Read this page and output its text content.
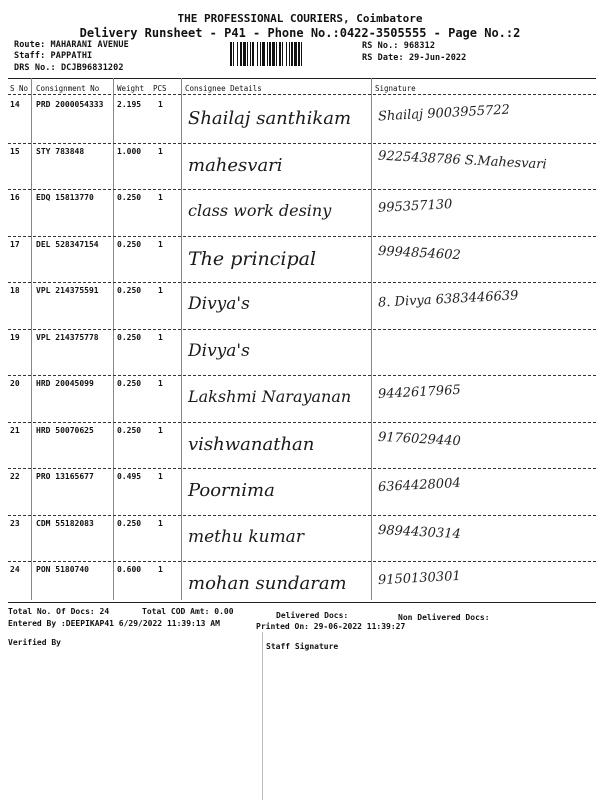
THE PROFESSIONAL COURIERS, Coimbatore
Delivery Runsheet - P41 - Phone No.:0422-3505555 - Page No.:2
Route: MAHARANI AVENUE
Staff: PAPPATHI
DRS No.: DCJB96831202
RS No.: 968312
RS Date: 29-Jun-2022
S No Consignment No Weight PCS Consignee Details	Signature
14 PRD 2000054333 2.195 1
Shailaj santhikam Shailaj 9003955722
15 STY 783848	1.000 1
mahesvari	9225438786 S.Mahesvari
16 EDQ 15813770	0.250 1
class work desiny	995357130
17 DEL 528347154 0.250 1
The principal	9994854602
18 VPL 214375591 0.250 1
Divya's	8. Divya 6383446639
19 VPL 214375778 0.250 1
Divya's
20 HRD 20045099	0.250 1
Lakshmi Narayanan 9442617965
21 HRD 50070625	0.250 1
vishwanathan	9176029440
22 PRO 13165677	0.495 1
Poornima	6364428004
23 CDM 55182083	0.250 1
methu kumar	9894430314
24 PON 5180740	0.600 1
mohan sundaram 9150130301
Total No. Of Docs: 24	Total COD Amt: 0.00	Delivered Docs:	Non Delivered Docs:
Entered By :DEEPIKAP41 6/29/2022 11:39:13 AM	Printed On: 29-06-2022 11:39:27
Verified By	Staff Signature
